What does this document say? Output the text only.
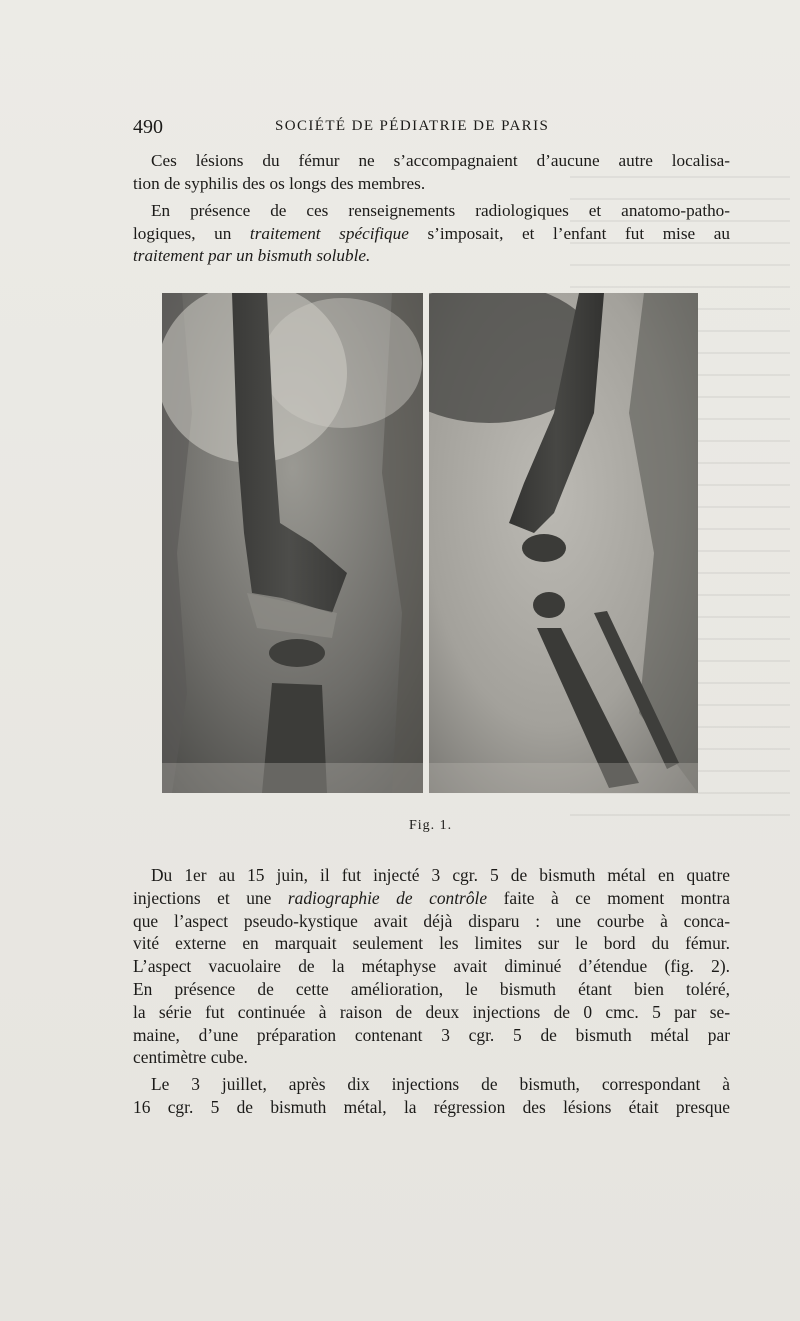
490	SOCIÉTÉ DE PÉDIATRIE DE PARIS
Ces lésions du fémur ne s’accompagnaient d’aucune autre localisa-
tion de syphilis des os longs des membres.
En présence de ces renseignements radiologiques et anatomo-patho-
logiques, un traitement spécifique s’imposait, et l’enfant fut mise au
traitement par un bismuth soluble.
Fig. 1.
Du 1er au 15 juin, il fut injecté 3 cgr. 5 de bismuth métal en quatre
injections et une radiographie de contrôle faite à ce moment montra
que l’aspect pseudo-kystique avait déjà disparu : une courbe à conca-
vité externe en marquait seulement les limites sur le bord du fémur.
L’aspect vacuolaire de la métaphyse avait diminué d’étendue (fig. 2).
En présence de cette amélioration, le bismuth étant bien toléré,
la série fut continuée à raison de deux injections de 0 cmc. 5 par se-
maine, d’une préparation contenant 3 cgr. 5 de bismuth métal par
centimètre cube.
Le 3 juillet, après dix injections de bismuth, correspondant à
16 cgr. 5 de bismuth métal, la régression des lésions était presque
